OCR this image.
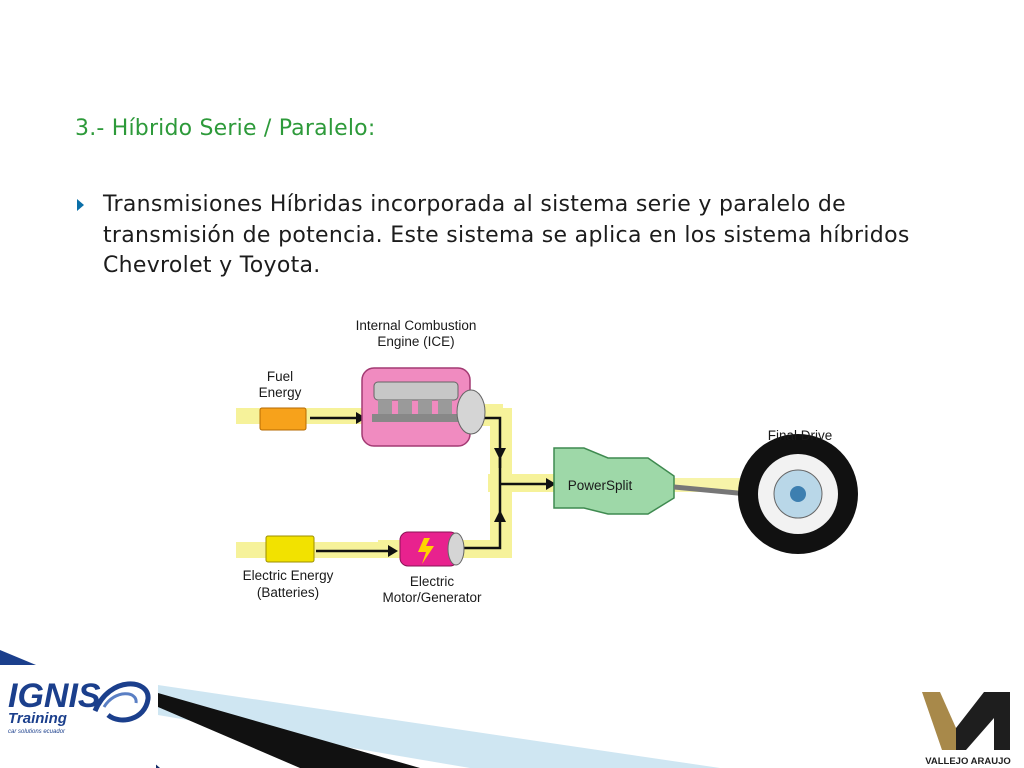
3.- Híbrido Serie / Paralelo:
Transmisiones Híbridas incorporada al sistema serie y paralelo de transmisión de potencia. Este sistema se aplica en los sistema híbridos Chevrolet y Toyota.
Internal Combustion
Engine (ICE)
Fuel
Energy
Electric Energy
(Batteries)
Electric
Motor/Generator
PowerSplit
Final Drive
IGNIS
Training
car solutions ecuador
VALLEJO ARAUJO
